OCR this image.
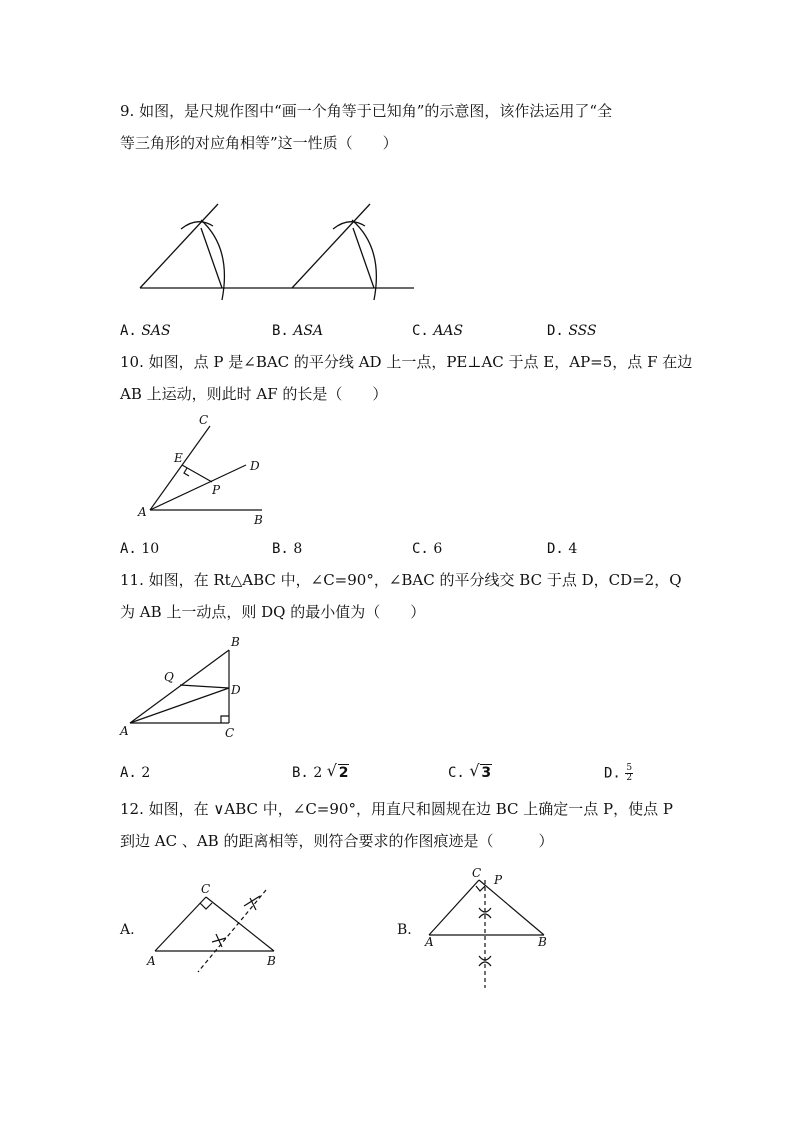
9. 如图，是尺规作图中“画一个角等于已知角”的示意图，该作法运用了“全
等三角形的对应角相等”这一性质（　　）
A. SAS	B. ASA	C. AAS	D. SSS
10. 如图，点 P 是∠BAC 的平分线 AD 上一点，PE⊥AC 于点 E，AP=5，点 F 在边
AB 上运动，则此时 AF 的长是（　　）
C
E
D
P
A
B
A. 10	B. 8	C. 6	D. 4
11. 如图，在 Rt△ABC 中，∠C=90°，∠BAC 的平分线交 BC 于点 D，CD=2，Q
为 AB 上一动点，则 DQ 的最小值为（　　）
B
Q
D
A	C
A. 2	B. 2 √ 2	C. √ 3	D. $\frac{5}{2}$
12. 如图，在 ∨ABC 中，∠C=90°，用直尺和圆规在边 BC 上确定一点 P，使点 P
到边 AC 、AB 的距离相等，则符合要求的作图痕迹是（　　　）
A.	B.
C
A	B
C P
A	B
